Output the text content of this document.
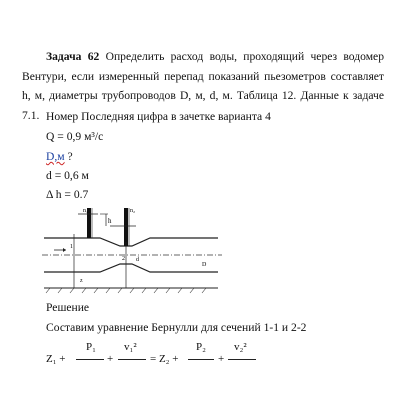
Задача 62 Определить расход воды, проходящий через водомер Вентури, если измеренный перепад показаний пьезометров составляет h, м, диаметры трубопроводов D, м, d, м. Таблица 12. Данные к задаче 7.1. Номер Последняя цифра в зачетке варианта 4

Q = 0,9 м³/с

D,м ?

d = 0,6 м

Δ h = 0.7

h
n₁	n₂
1
2
D
d
z

Решение

Составим уравнение Бернулли для сечений 1-1 и 2-2

Z₁ +
P₁
+
v₁²
= Z₂ +
P₂
+
v₂²
